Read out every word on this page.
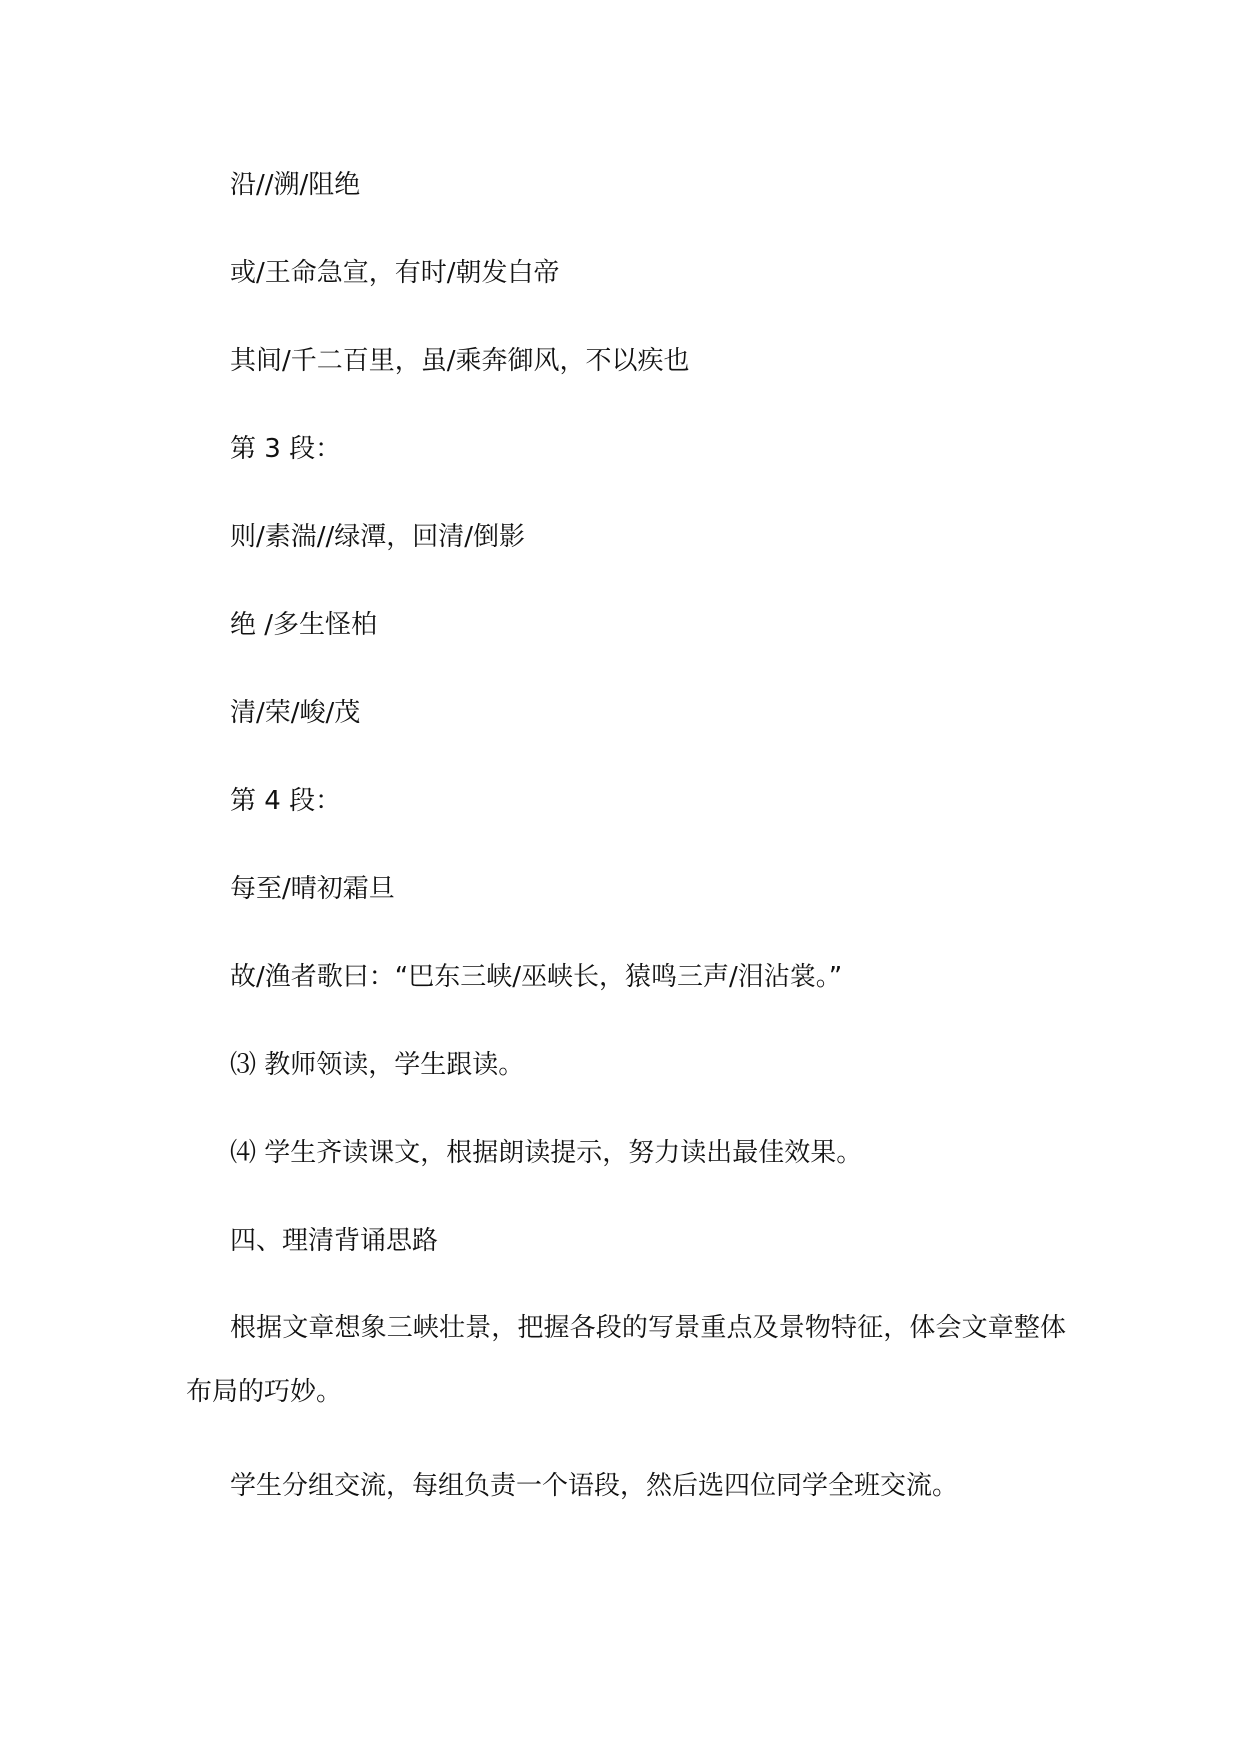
沿//溯/阻绝
或/王命急宣，有时/朝发白帝
其间/千二百里，虽/乘奔御风，不以疾也
第 3 段：
则/素湍//绿潭，回清/倒影
绝 /多生怪柏
清/荣/峻/茂
第 4 段：
每至/晴初霜旦
故/渔者歌曰：“巴东三峡/巫峡长，猿鸣三声/泪沾裳。”
⑶ 教师领读，学生跟读。
⑷ 学生齐读课文，根据朗读提示，努力读出最佳效果。
四、理清背诵思路
根据文章想象三峡壮景，把握各段的写景重点及景物特征，体会文章整体布局的巧妙。
学生分组交流，每组负责一个语段，然后选四位同学全班交流。
